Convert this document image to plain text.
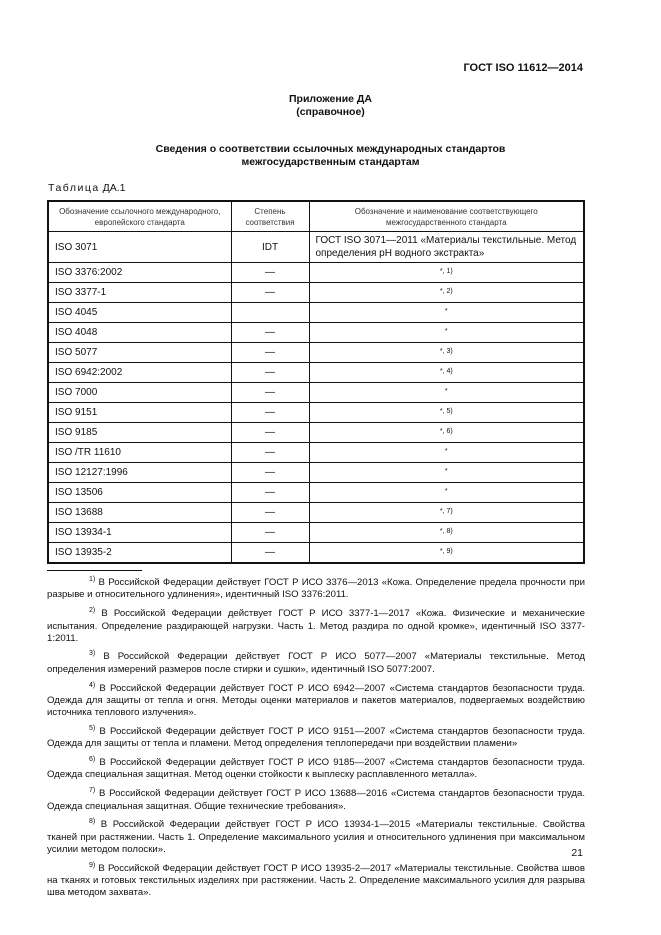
ГОСТ ISO 11612—2014
Приложение ДА
(справочное)
Сведения о соответствии ссылочных международных стандартов
межгосударственным стандартам
Таблица ДА.1
Обозначение ссылочного международного, европейского стандарта	Степень соответствия	Обозначение и наименование соответствующего межгосударственного стандарта
ISO 3071	IDT	ГОСТ ISO 3071—2011 «Материалы текстильные. Метод определения pH водного экстракта»
ISO 3376:2002	—	*, 1)
ISO 3377-1	—	*, 2)
ISO 4045		*
ISO 4048	—	*
ISO 5077	—	*, 3)
ISO 6942:2002	—	*, 4)
ISO 7000	—	*
ISO 9151	—	*, 5)
ISO 9185	—	*, 6)
ISO /TR 11610	—	*
ISO 12127:1996	—	*
ISO 13506	—	*
ISO 13688	—	*, 7)
ISO 13934-1	—	*, 8)
ISO 13935-2	—	*, 9)

$^{1)}$ В Российской Федерации действует ГОСТ Р ИСО 3376—2013 «Кожа. Определение предела прочности при разрыве и относительного удлинения», идентичный ISO 3376:2011.

$^{2)}$ В Российской Федерации действует ГОСТ Р ИСО 3377-1—2017 «Кожа. Физические и механические испытания. Определение раздирающей нагрузки. Часть 1. Метод раздира по одной кромке», идентичный ISO 3377-1:2011.

$^{3)}$ В Российской Федерации действует ГОСТ Р ИСО 5077—2007 «Материалы текстильные. Метод определения измерений размеров после стирки и сушки», идентичный ISO 5077:2007.

$^{4)}$ В Российской Федерации действует ГОСТ Р ИСО 6942—2007 «Система стандартов безопасности труда. Одежда для защиты от тепла и огня. Методы оценки материалов и пакетов материалов, подвергаемых воздействию источника теплового излучения».

$^{5)}$ В Российской Федерации действует ГОСТ Р ИСО 9151—2007 «Система стандартов безопасности труда. Одежда для защиты от тепла и пламени. Метод определения теплопередачи при воздействии пламени»

$^{6)}$ В Российской Федерации действует ГОСТ Р ИСО 9185—2007 «Система стандартов безопасности труда. Одежда специальная защитная. Метод оценки стойкости к выплеску расплавленного металла».

$^{7)}$ В Российской Федерации действует ГОСТ Р ИСО 13688—2016 «Система стандартов безопасности труда. Одежда специальная защитная. Общие технические требования».

$^{8)}$ В Российской Федерации действует ГОСТ Р ИСО 13934-1—2015 «Материалы текстильные. Свойства тканей при растяжении. Часть 1. Определение максимального усилия и относительного удлинения при максимальном усилии методом полоски».

$^{9)}$ В Российской Федерации действует ГОСТ Р ИСО 13935-2—2017 «Материалы текстильные. Свойства швов на тканях и готовых текстильных изделиях при растяжении. Часть 2. Определение максимального усилия для разрыва шва методом захвата».

21
